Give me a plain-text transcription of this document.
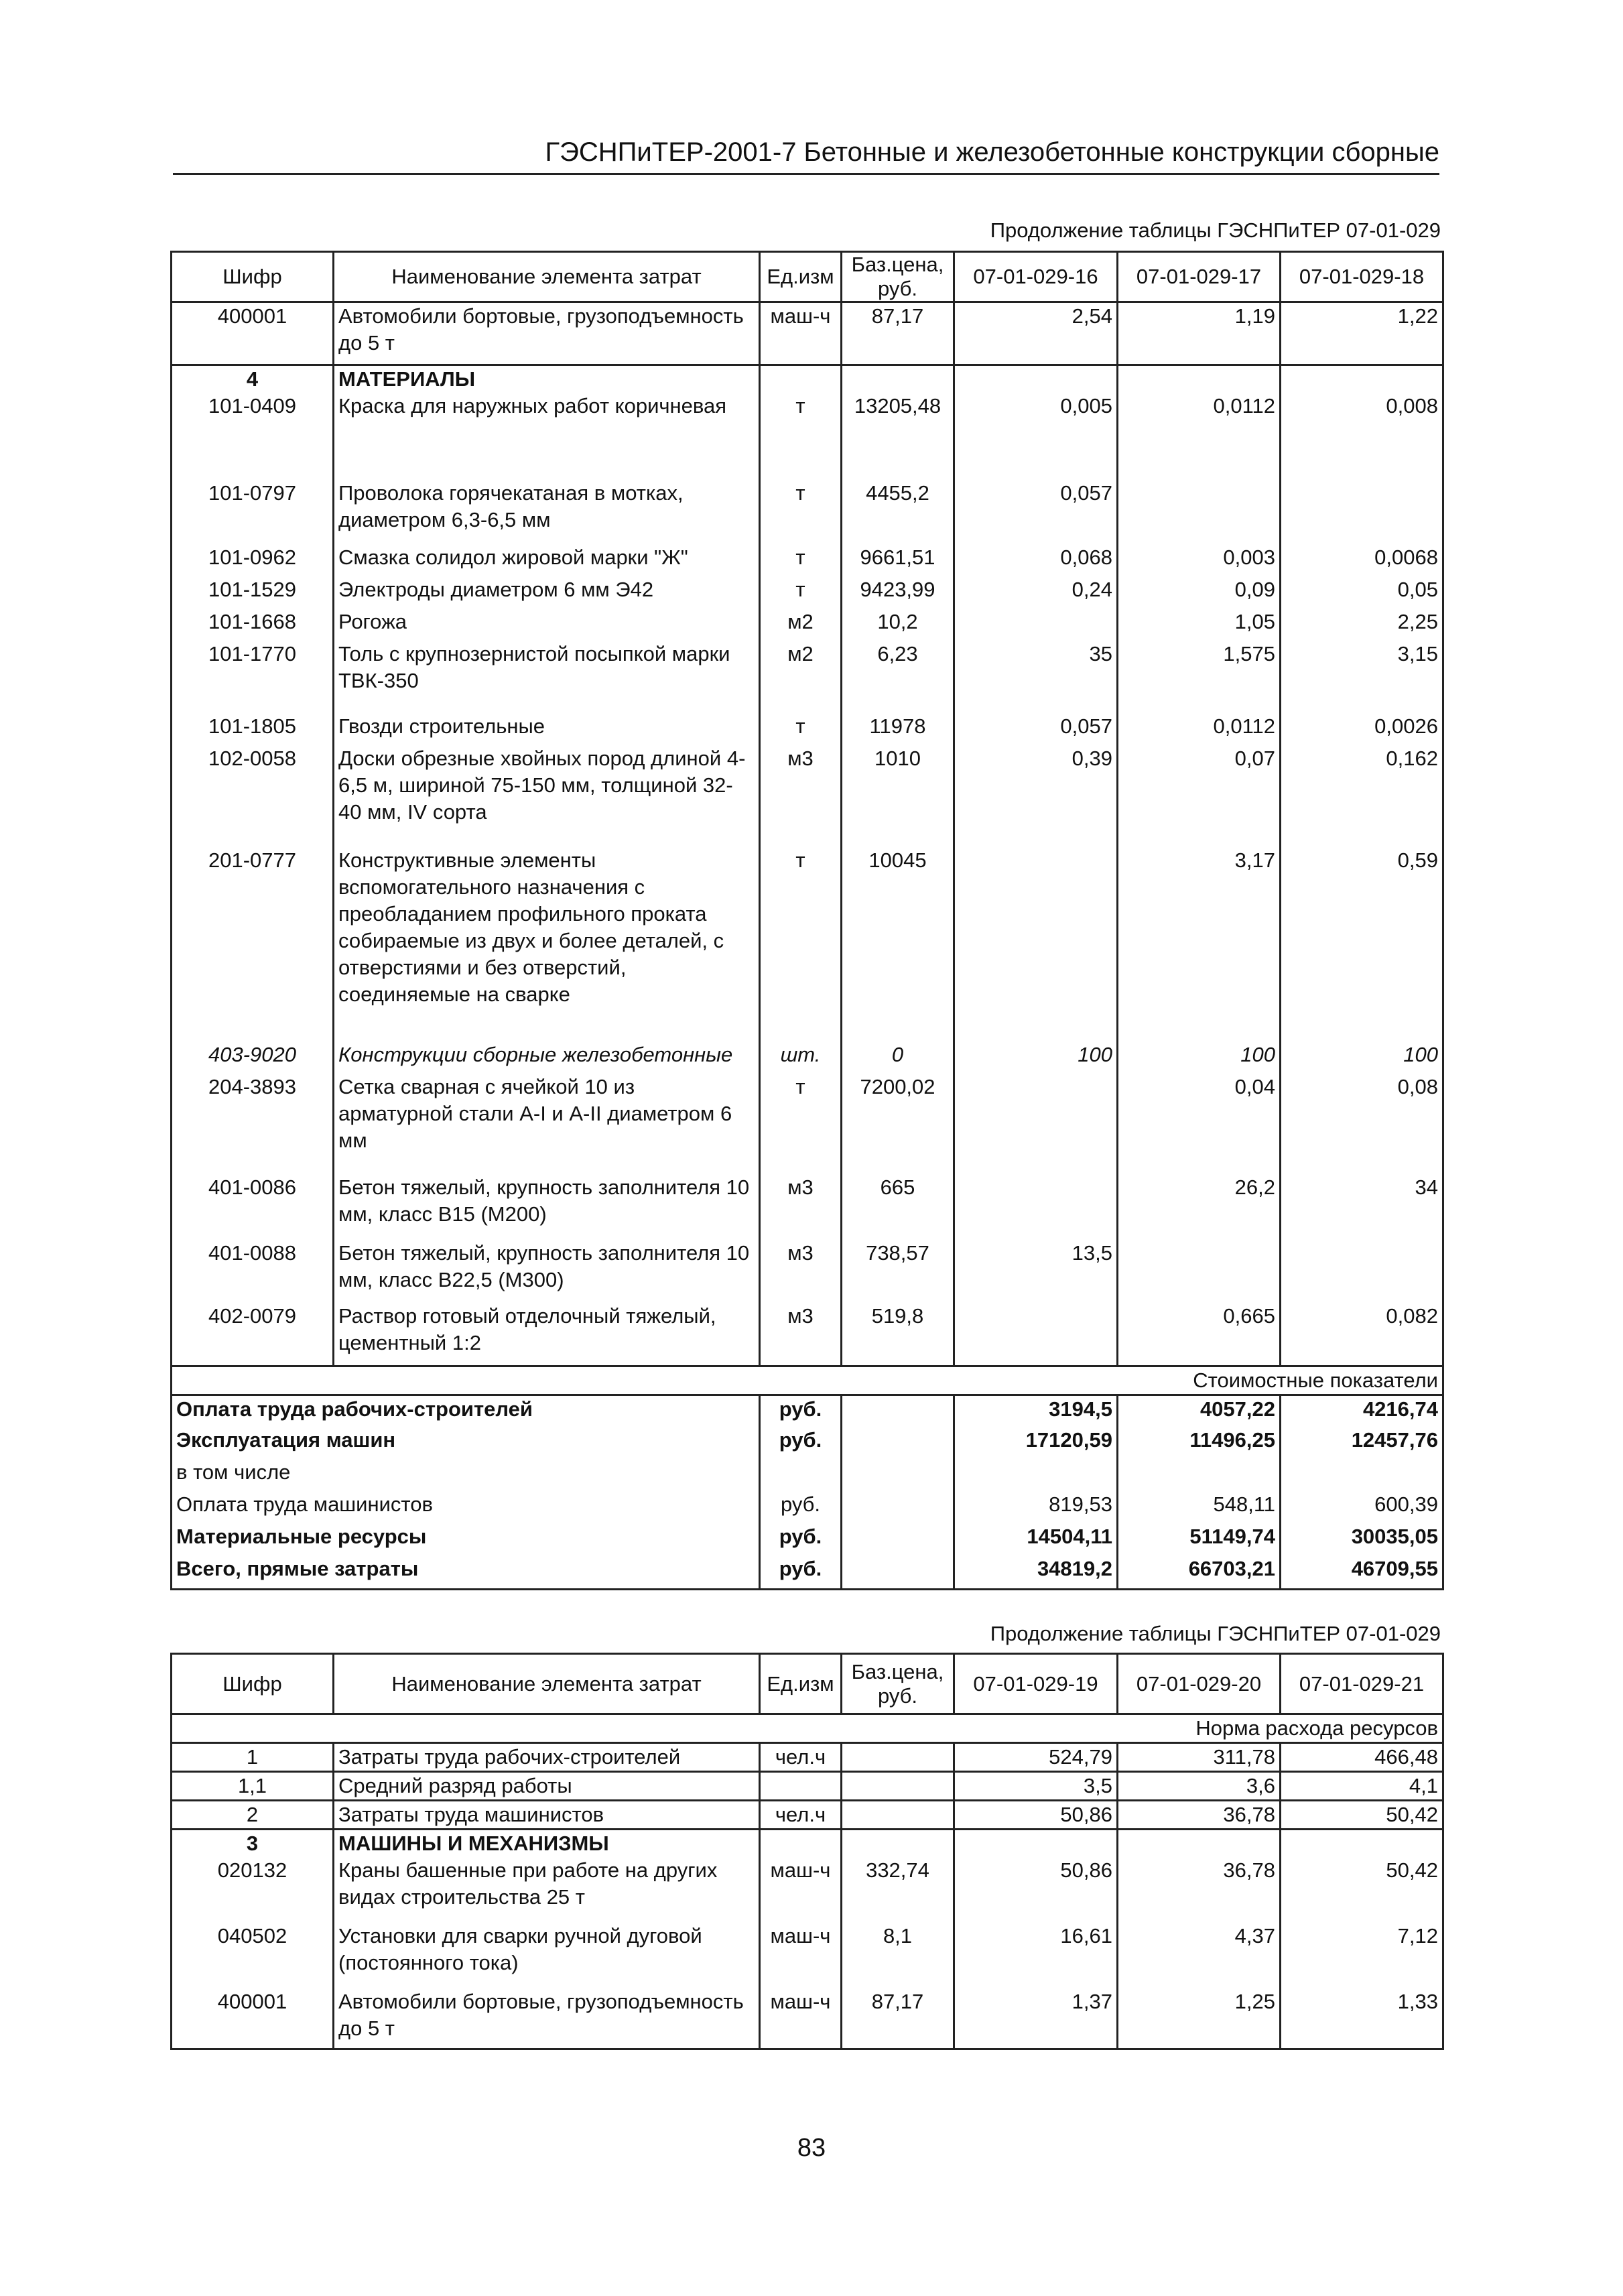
ГЭСНПиТЕР-2001-7 Бетонные и железобетонные конструкции сборные
Продолжение таблицы ГЭСНПиТЕР 07-01-029
Шифр	Наименование элемента затрат	Ед.изм	Баз.цена, руб.	07-01-029-16	07-01-029-17	07-01-029-18
400001	Автомобили бортовые, грузоподъемность до 5 т	маш-ч	87,17	2,54	1,19	1,22
4	МАТЕРИАЛЫ					
101-0409	Краска для наружных работ коричневая	т	13205,48	0,005	0,0112	0,008
101-0797	Проволока горячекатаная в мотках, диаметром 6,3-6,5 мм	т	4455,2	0,057		
101-0962	Смазка солидол жировой марки "Ж"	т	9661,51	0,068	0,003	0,0068
101-1529	Электроды диаметром 6 мм Э42	т	9423,99	0,24	0,09	0,05
101-1668	Рогожа	м2	10,2		1,05	2,25
101-1770	Толь с крупнозернистой посыпкой марки ТВК-350	м2	6,23	35	1,575	3,15
101-1805	Гвозди строительные	т	11978	0,057	0,0112	0,0026
102-0058	Доски обрезные хвойных пород длиной 4-6,5 м, шириной 75-150 мм, толщиной 32-40 мм, IV сорта	м3	1010	0,39	0,07	0,162
201-0777	Конструктивные элементы вспомогательного назначения с преобладанием профильного проката собираемые из двух и более деталей, с отверстиями и без отверстий, соединяемые на сварке	т	10045		3,17	0,59
403-9020	Конструкции сборные железобетонные	шт.	0	100	100	100
204-3893	Сетка сварная с ячейкой 10 из арматурной стали А-I и А-II диаметром 6 мм	т	7200,02		0,04	0,08
401-0086	Бетон тяжелый, крупность заполнителя 10 мм, класс В15 (М200)	м3	665		26,2	34
401-0088	Бетон тяжелый, крупность заполнителя 10 мм, класс В22,5 (М300)	м3	738,57	13,5		
402-0079	Раствор готовый отделочный тяжелый, цементный 1:2	м3	519,8		0,665	0,082
Стоимостные показатели						
Оплата труда рабочих-строителей		руб.		3194,5	4057,22	4216,74
Эксплуатация машин		руб.		17120,59	11496,25	12457,76
в том числе						
Оплата труда машинистов		руб.		819,53	548,11	600,39
Материальные ресурсы		руб.		14504,11	51149,74	30035,05
Всего, прямые затраты		руб.		34819,2	66703,21	46709,55
Продолжение таблицы ГЭСНПиТЕР 07-01-029
Шифр	Наименование элемента затрат	Ед.изм	Баз.цена, руб.	07-01-029-19	07-01-029-20	07-01-029-21
Норма расхода ресурсов						
1	Затраты труда рабочих-строителей	чел.ч		524,79	311,78	466,48
1,1	Средний разряд работы			3,5	3,6	4,1
2	Затраты труда машинистов	чел.ч		50,86	36,78	50,42
3	МАШИНЫ И МЕХАНИЗМЫ					
020132	Краны башенные при работе на других видах строительства 25 т	маш-ч	332,74	50,86	36,78	50,42
040502	Установки для сварки ручной дуговой (постоянного тока)	маш-ч	8,1	16,61	4,37	7,12
400001	Автомобили бортовые, грузоподъемность до 5 т	маш-ч	87,17	1,37	1,25	1,33
83
